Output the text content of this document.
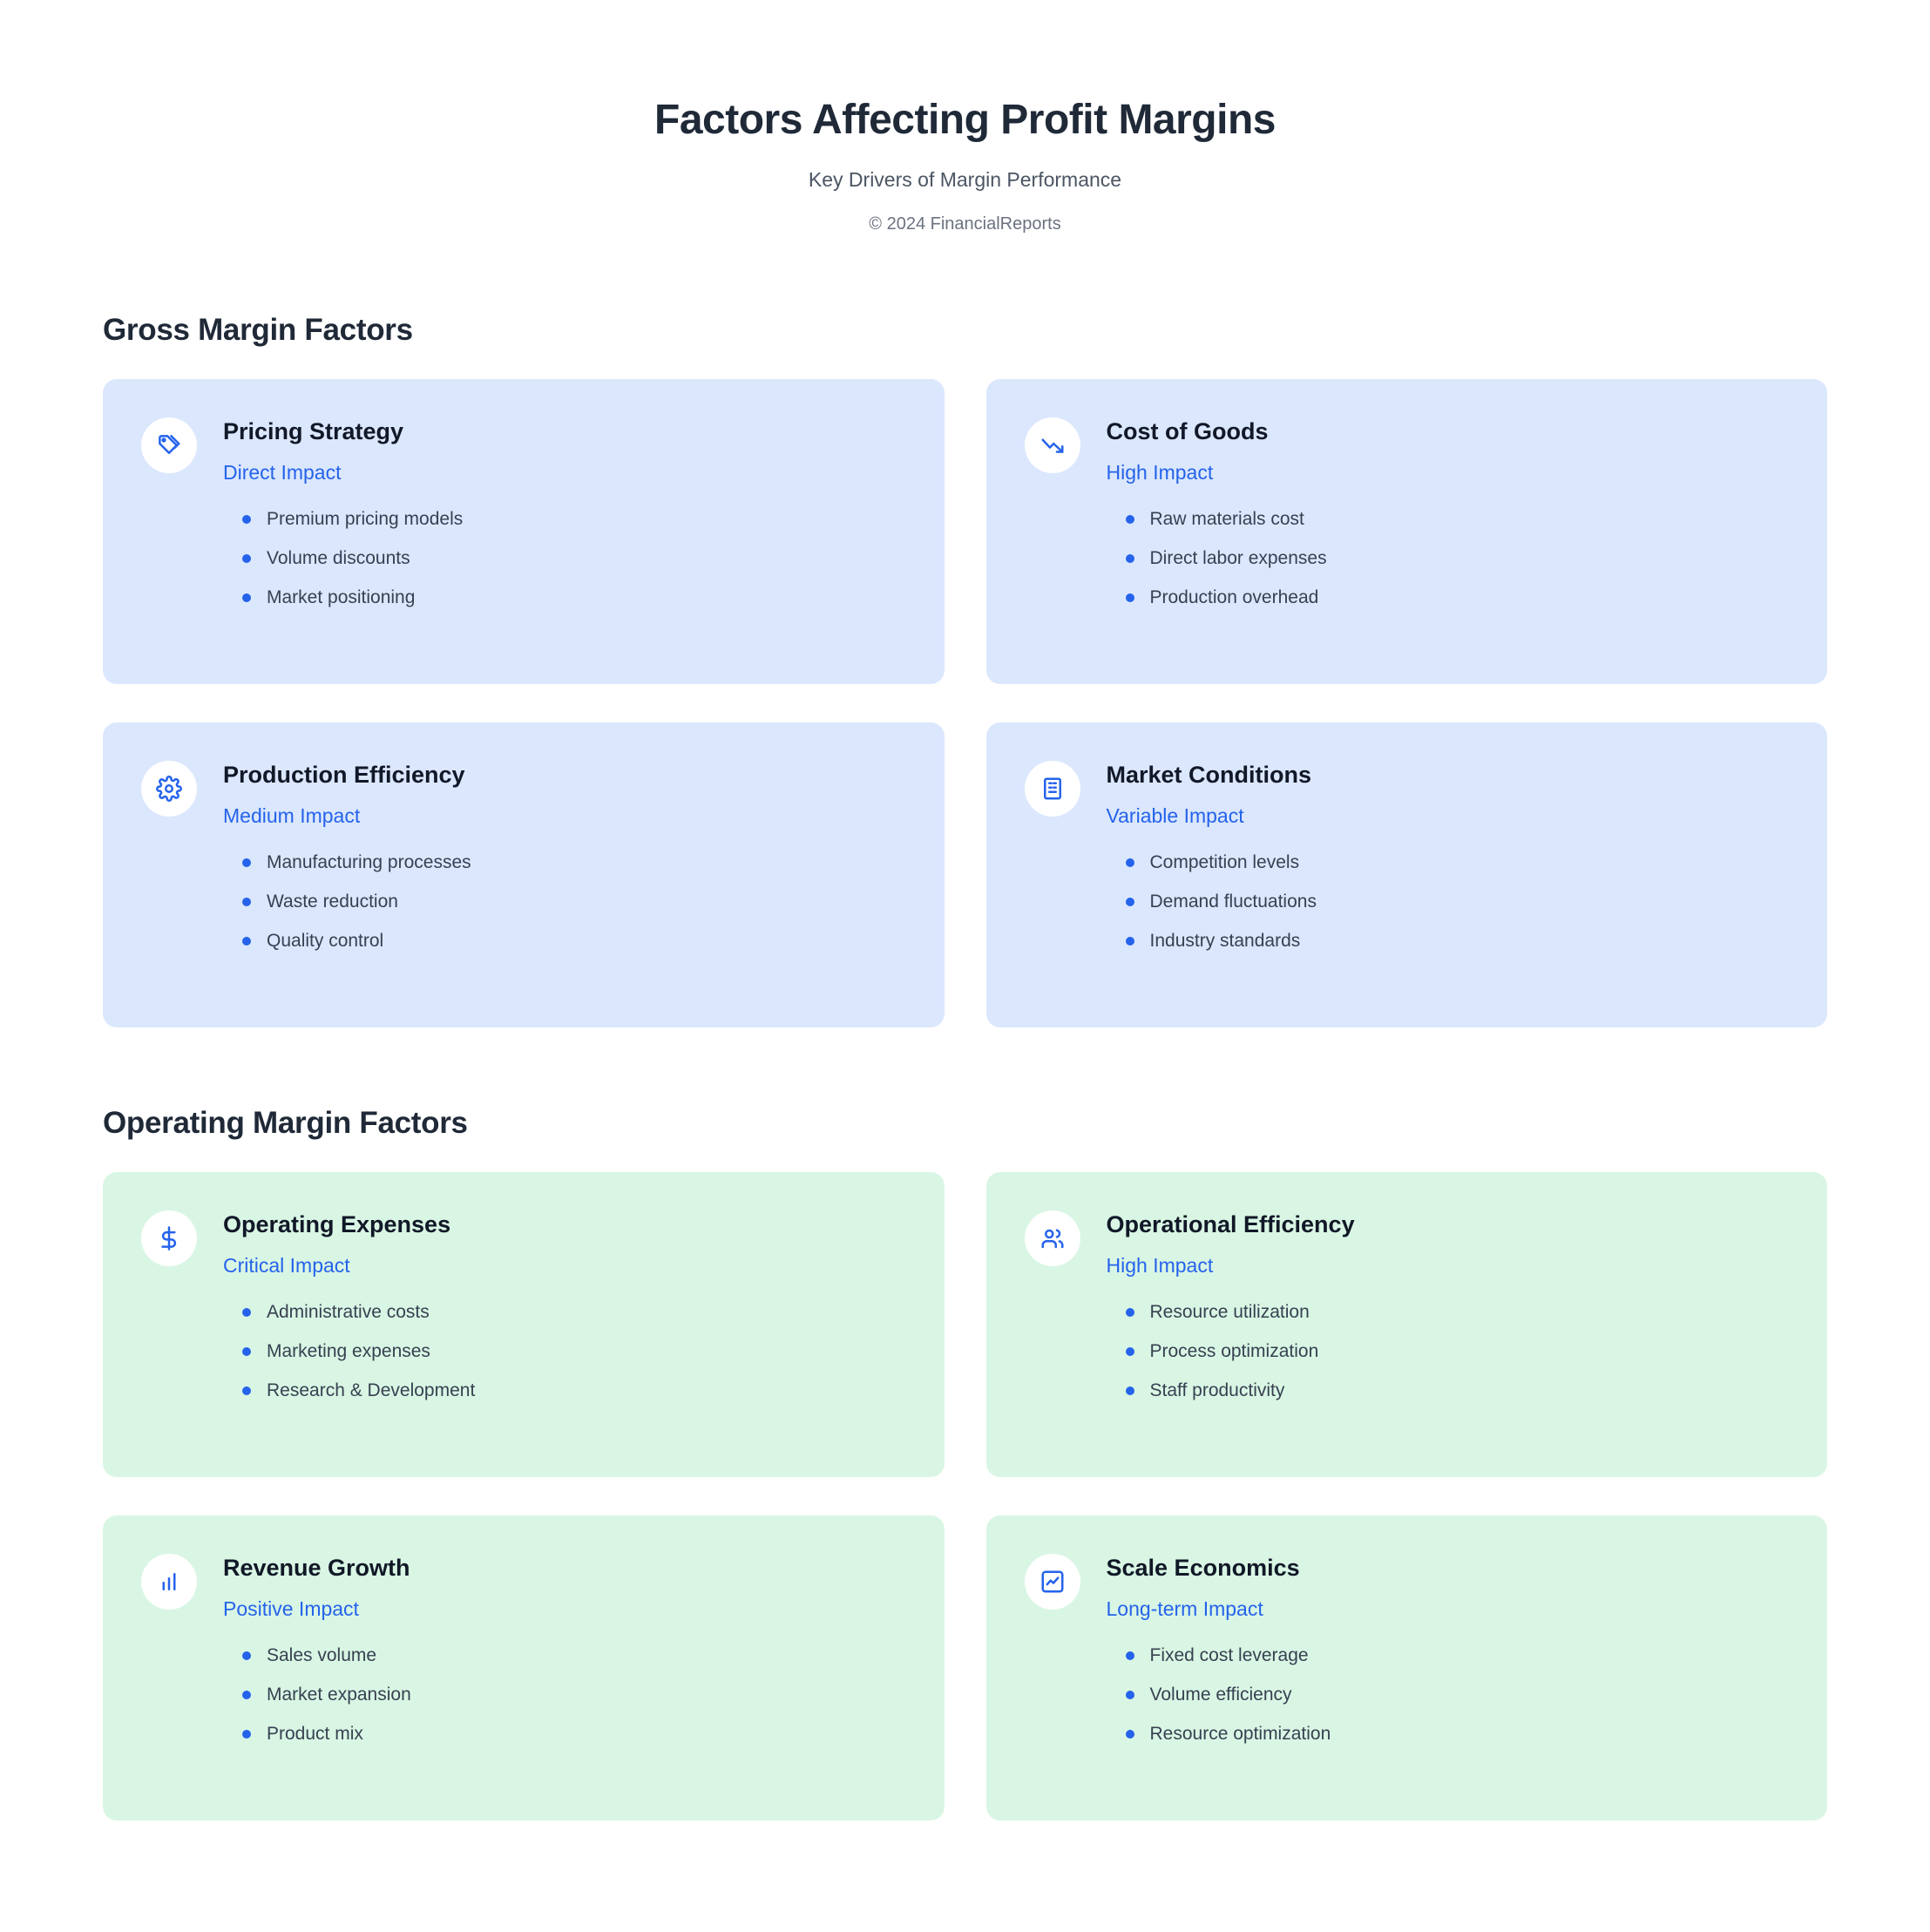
Factors Affecting Profit Margins
Key Drivers of Margin Performance
© 2024 FinancialReports
Gross Margin Factors
Pricing Strategy
Direct Impact
Premium pricing models
Volume discounts
Market positioning
Cost of Goods
High Impact
Raw materials cost
Direct labor expenses
Production overhead
Production Efficiency
Medium Impact
Manufacturing processes
Waste reduction
Quality control
Market Conditions
Variable Impact
Competition levels
Demand fluctuations
Industry standards
Operating Margin Factors
Operating Expenses
Critical Impact
Administrative costs
Marketing expenses
Research & Development
Operational Efficiency
High Impact
Resource utilization
Process optimization
Staff productivity
Revenue Growth
Positive Impact
Sales volume
Market expansion
Product mix
Scale Economics
Long-term Impact
Fixed cost leverage
Volume efficiency
Resource optimization
